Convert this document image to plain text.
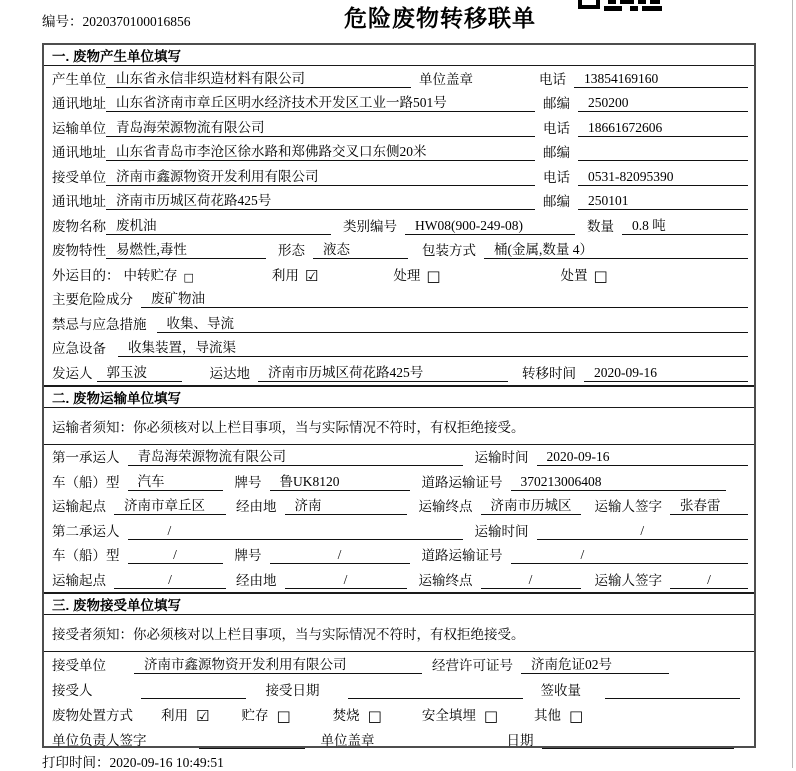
编号：2020370100016856	危险废物转移联单
一. 废物产生单位填写
产生单位 山东省永信非织造材料有限公司	单位盖章	电话	13854169160
通讯地址 山东省济南市章丘区明水经济技术开发区工业一路501号	邮编	250200
运输单位 青岛海荣源物流有限公司	电话	18661672606
通讯地址 山东省青岛市李沧区徐水路和郑佛路交叉口东侧20米	邮编
接受单位 济南市鑫源物资开发利用有限公司	电话	0531-82095390
通讯地址 济南市历城区荷花路425号	邮编	250101
废物名称 废机油	类别编号	HW08(900-249-08)	数量	0.8 吨
废物特性 易燃性,毒性	形态	液态	包装方式	桶(金属,数量 4）
外运目的： 中转贮存 □	利用 ☑	处理 □	处置 □
主要危险成分	废矿物油
禁忌与应急措施	收集、导流
应急设备	收集装置，导流渠
发运人	郭玉波	运达地	济南市历城区荷花路425号	转移时间	2020-09-16
二. 废物运输单位填写
运输者须知：你必须核对以上栏目事项，当与实际情况不符时，有权拒绝接受。
第一承运人	青岛海荣源物流有限公司	运输时间	2020-09-16
车（船）型	汽车	牌号	鲁UK8120	道路运输证号	370213006408
运输起点	济南市章丘区	经由地	济南	运输终点	济南市历城区	运输人签字	张春雷
第二承运人	/	运输时间	/
车（船）型	/	牌号	/	道路运输证号	/
运输起点	/	经由地	/	运输终点	/	运输人签字	/
三. 废物接受单位填写
接受者须知：你必须核对以上栏目事项，当与实际情况不符时，有权拒绝接受。
接受单位	济南市鑫源物资开发利用有限公司	经营许可证号	济南危证02号
接受人	接受日期	签收量
废物处置方式 利用 ☑ 贮存 □	焚烧 □	安全填埋 □	其他 □
单位负责人签字	单位盖章	日期
打印时间：2020-09-16 10:49:51
